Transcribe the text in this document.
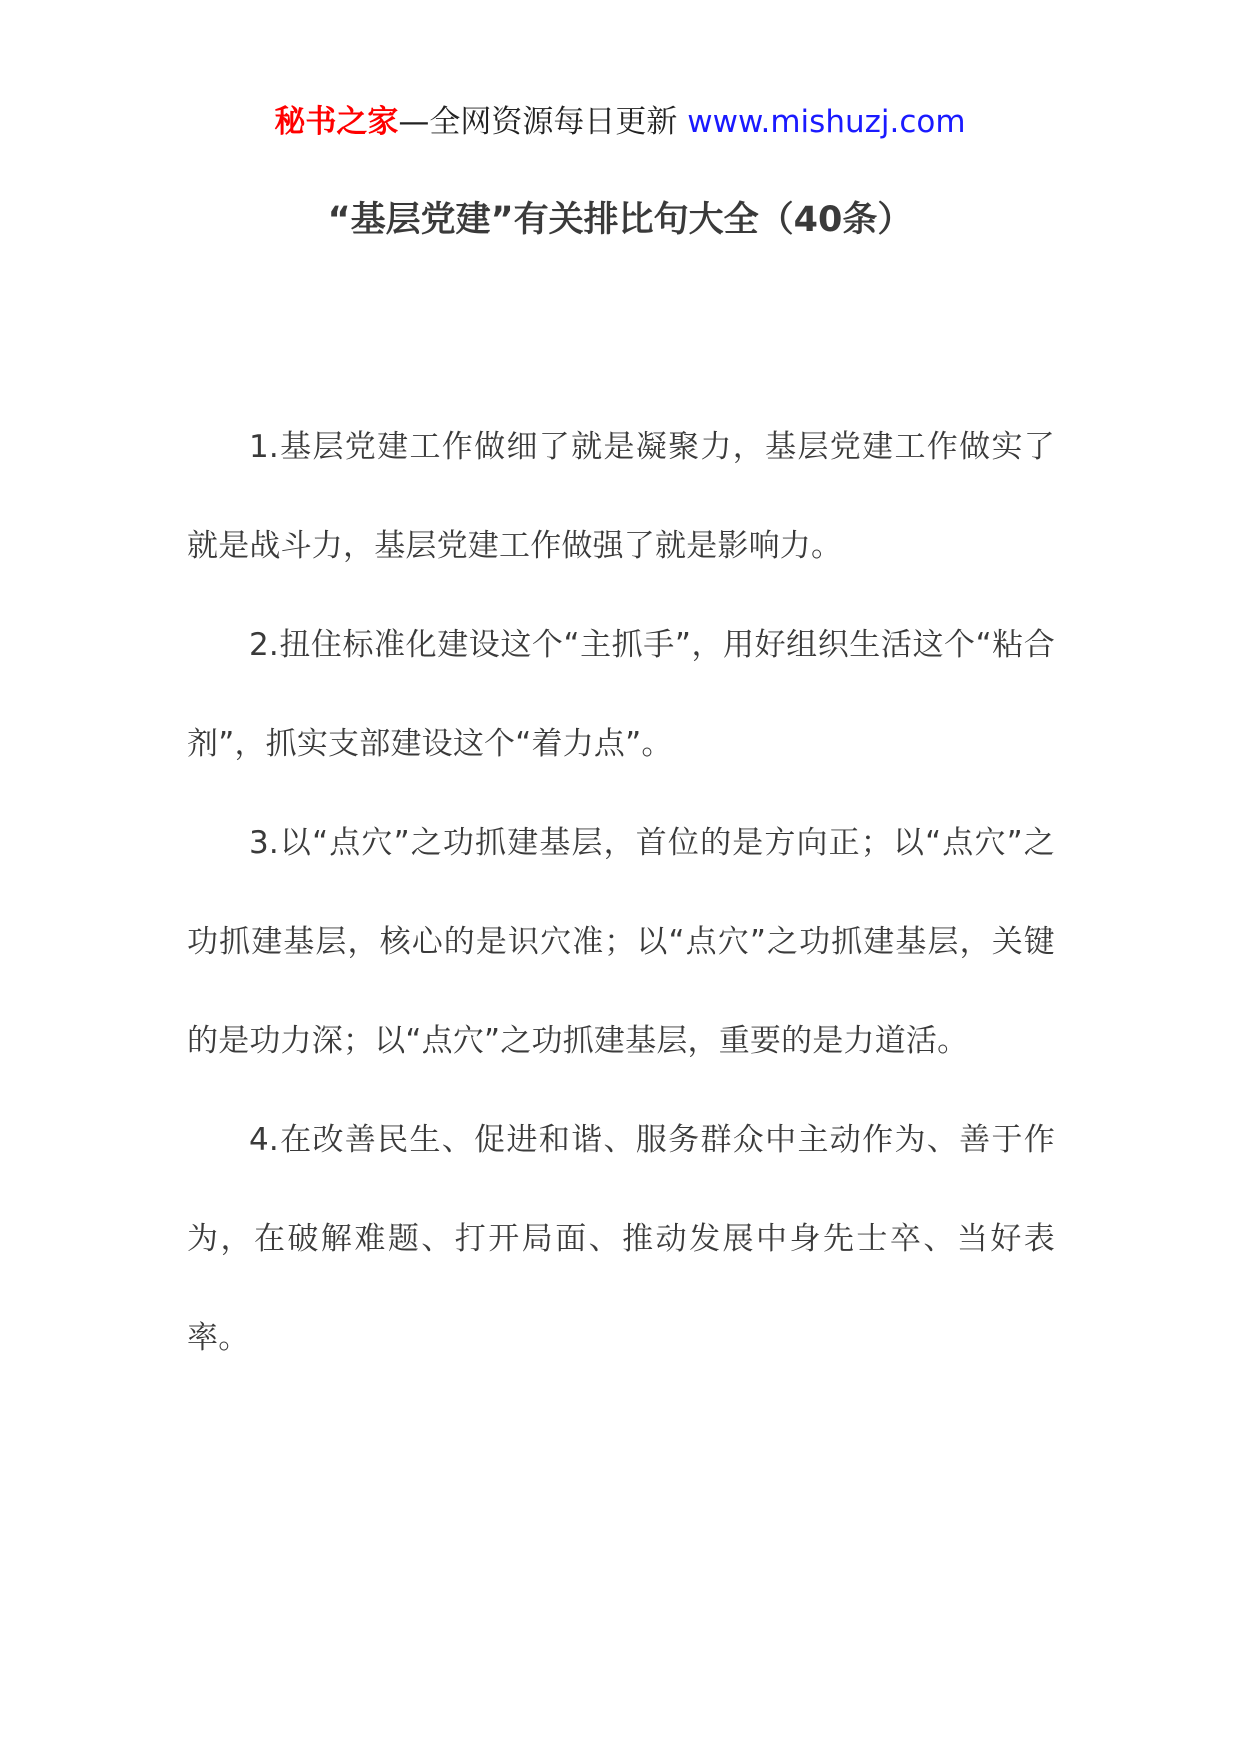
秘书之家—全网资源每日更新 www.mishuzj.com
“基层党建”有关排比句大全（40条）

1.基层党建工作做细了就是凝聚力，基层党建工作做实了就是战斗力，基层党建工作做强了就是影响力。

2.扭住标准化建设这个“主抓手”，用好组织生活这个“粘合剂”，抓实支部建设这个“着力点”。

3.以“点穴”之功抓建基层，首位的是方向正；以“点穴”之功抓建基层，核心的是识穴准；以“点穴”之功抓建基层，关键的是功力深；以“点穴”之功抓建基层，重要的是力道活。

4.在改善民生、促进和谐、服务群众中主动作为、善于作为，在破解难题、打开局面、推动发展中身先士卒、当好表率。
